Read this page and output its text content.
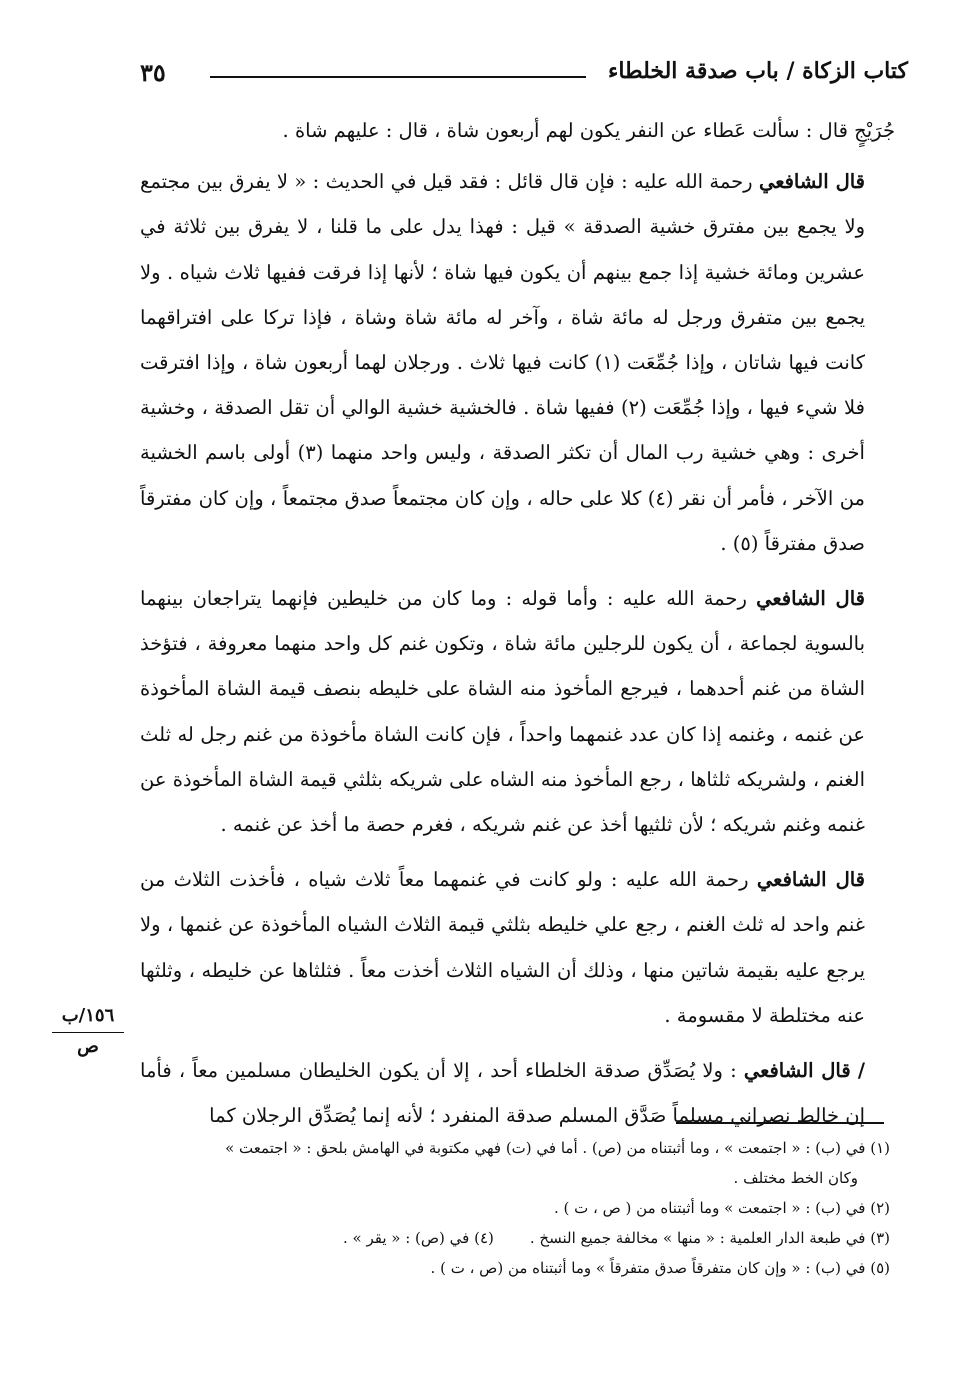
كتاب الزكاة / باب صدقة الخلطاء
٣٥

جُرَيْجٍ قال : سألت عَطاء عن النفر يكون لهم أربعون شاة ، قال : عليهم شاة .

قال الشافعي رحمة الله عليه : فإن قال قائل : فقد قيل في الحديث : « لا يفرق بين مجتمع ولا يجمع بين مفترق خشية الصدقة » قيل : فهذا يدل على ما قلنا ، لا يفرق بين ثلاثة في عشرين ومائة خشية إذا جمع بينهم أن يكون فيها شاة ؛ لأنها إذا فرقت ففيها ثلاث شياه . ولا يجمع بين متفرق ورجل له مائة شاة ، وآخر له مائة شاة وشاة ، فإذا تركا على افتراقهما كانت فيها شاتان ، وإذا جُمِّعَت (١) كانت فيها ثلاث . ورجلان لهما أربعون شاة ، وإذا افترقت فلا شيء فيها ، وإذا جُمِّعَت (٢) ففيها شاة . فالخشية خشية الوالي أن تقل الصدقة ، وخشية أخرى : وهي خشية رب المال أن تكثر الصدقة ، وليس واحد منهما (٣) أولى باسم الخشية من الآخر ، فأمر أن نقر (٤) كلا على حاله ، وإن كان مجتمعاً صدق مجتمعاً ، وإن كان مفترقاً صدق مفترقاً (٥) .

قال الشافعي رحمة الله عليه : وأما قوله : وما كان من خليطين فإنهما يتراجعان بينهما بالسوية لجماعة ، أن يكون للرجلين مائة شاة ، وتكون غنم كل واحد منهما معروفة ، فتؤخذ الشاة من غنم أحدهما ، فيرجع المأخوذ منه الشاة على خليطه بنصف قيمة الشاة المأخوذة عن غنمه ، وغنمه إذا كان عدد غنمهما واحداً ، فإن كانت الشاة مأخوذة من غنم رجل له ثلث الغنم ، ولشريكه ثلثاها ، رجع المأخوذ منه الشاه على شريكه بثلثي قيمة الشاة المأخوذة عن غنمه وغنم شريكه ؛ لأن ثلثيها أخذ عن غنم شريكه ، فغرم حصة ما أخذ عن غنمه .

قال الشافعي رحمة الله عليه : ولو كانت في غنمهما معاً ثلاث شياه ، فأخذت الثلاث من غنم واحد له ثلث الغنم ، رجع علي خليطه بثلثي قيمة الثلاث الشياه المأخوذة عن غنمها ، ولا يرجع عليه بقيمة شاتين منها ، وذلك أن الشياه الثلاث أخذت معاً . فثلثاها عن خليطه ، وثلثها عنه مختلطة لا مقسومة .

/ قال الشافعي : ولا يُصَدِّق صدقة الخلطاء أحد ، إلا أن يكون الخليطان مسلمين معاً ، فأما إن خالط نصراني مسلماً صَدَّق المسلم صدقة المنفرد ؛ لأنه إنما يُصَدِّق الرجلان كما

١٥٦/ب
ص

(١) في (ب) : « اجتمعت » ، وما أثبتناه من (ص) . أما في (ت) فهي مكتوبة في الهامش بلحق : « اجتمعت »

وكان الخط مختلف .

(٢) في (ب) : « اجتمعت » وما أثبتناه من ( ص ، ت ) .

(٣) في طبعة الدار العلمية : « منها » مخالفة جميع النسخ .(٤) في (ص) : « يقر » .

(٥) في (ب) : « وإن كان متفرقاً صدق متفرقاً » وما أثبتناه من (ص ، ت ) .
